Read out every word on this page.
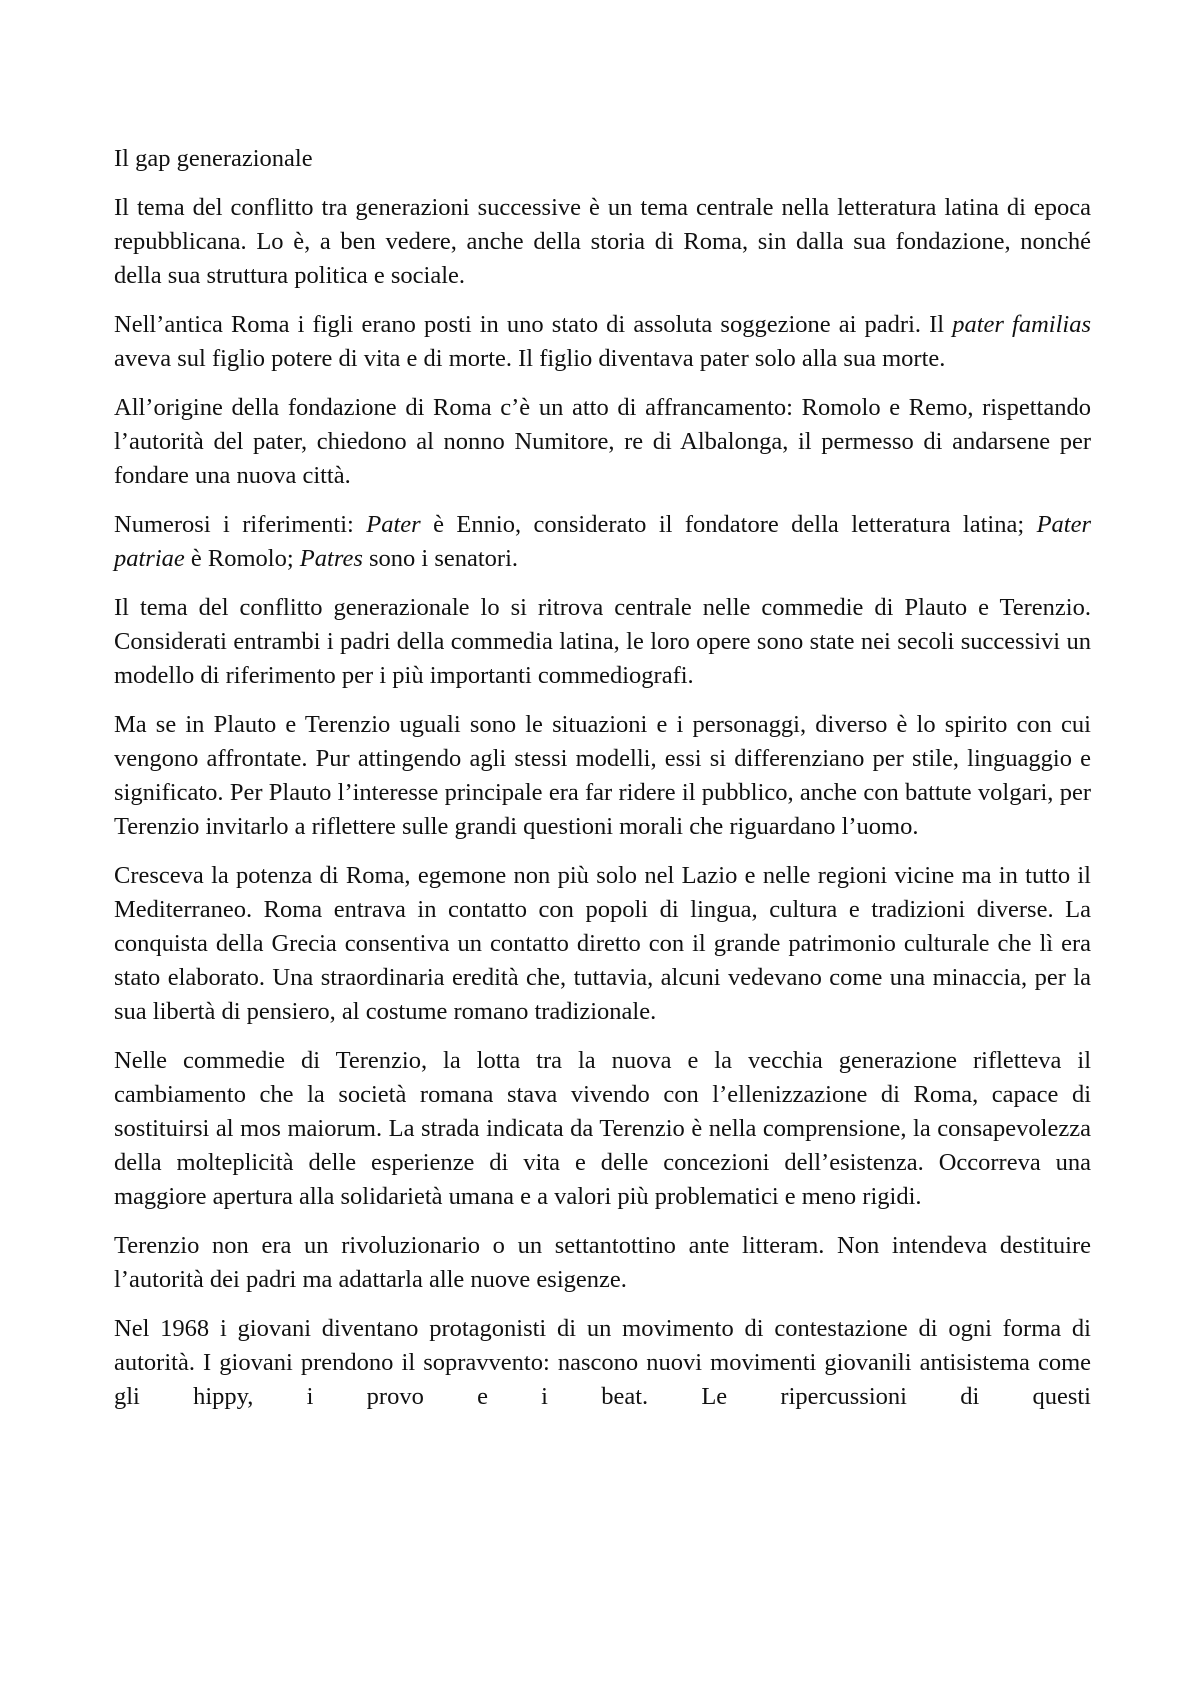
Il gap generazionale

Il tema del conflitto tra generazioni successive è un tema centrale nella letteratura latina di epoca repubblicana. Lo è, a ben vedere, anche della storia di Roma, sin dalla sua fondazione, nonché della sua struttura politica e sociale.

Nell’antica Roma i figli erano posti in uno stato di assoluta soggezione ai padri. Il pater familias aveva sul figlio potere di vita e di morte. Il figlio diventava pater solo alla sua morte.

All’origine della fondazione di Roma c’è un atto di affrancamento: Romolo e Remo, rispettando l’autorità del pater, chiedono al nonno Numitore, re di Albalonga, il permesso di andarsene per fondare una nuova città.

Numerosi i riferimenti: Pater è Ennio, considerato il fondatore della letteratura latina; Pater patriae è Romolo; Patres sono i senatori.

Il tema del conflitto generazionale lo si ritrova centrale nelle commedie di Plauto e Terenzio. Considerati entrambi i padri della commedia latina, le loro opere sono state nei secoli successivi un modello di riferimento per i più importanti commediografi.

Ma se in Plauto e Terenzio uguali sono le situazioni e i personaggi, diverso è lo spirito con cui vengono affrontate. Pur attingendo agli stessi modelli, essi si differenziano per stile, linguaggio e significato. Per Plauto l’interesse principale era far ridere il pubblico, anche con battute volgari, per Terenzio invitarlo a riflettere sulle grandi questioni morali che riguardano l’uomo.

Cresceva la potenza di Roma, egemone non più solo nel Lazio e nelle regioni vicine ma in tutto il Mediterraneo. Roma entrava in contatto con popoli di lingua, cultura e tradizioni diverse. La conquista della Grecia consentiva un contatto diretto con il grande patrimonio culturale che lì era stato elaborato. Una straordinaria eredità che, tuttavia, alcuni vedevano come una minaccia, per la sua libertà di pensiero, al costume romano tradizionale.

Nelle commedie di Terenzio, la lotta tra la nuova e la vecchia generazione rifletteva il cambiamento che la società romana stava vivendo con l’ellenizzazione di Roma, capace di sostituirsi al mos maiorum. La strada indicata da Terenzio è nella comprensione, la consapevolezza della molteplicità delle esperienze di vita e delle concezioni dell’esistenza. Occorreva una maggiore apertura alla solidarietà umana e a valori più problematici e meno rigidi.

Terenzio non era un rivoluzionario o un settantottino ante litteram. Non intendeva destituire l’autorità dei padri ma adattarla alle nuove esigenze.

Nel 1968 i giovani diventano protagonisti di un movimento di contestazione di ogni forma di autorità. I giovani prendono il sopravvento: nascono nuovi movimenti giovanili antisistema come gli hippy, i provo e i beat. Le ripercussioni di questi
